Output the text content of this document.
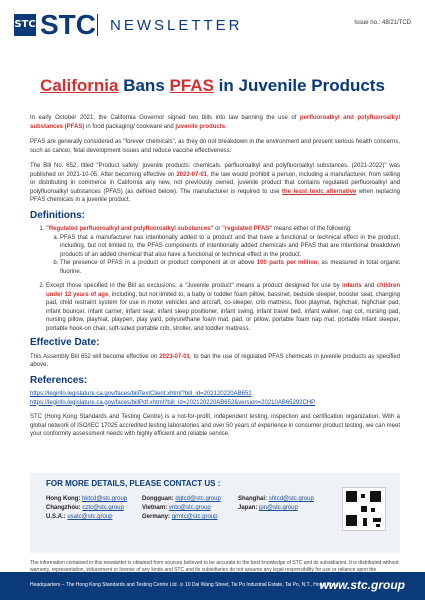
STC STC NEWSLETTER	Issue no.: 48/21/TCD
California Bans PFAS in Juvenile Products

In early October 2021, the California Governor signed two bills into law banning the use of perfluoroalkyl and polyfluoroalkyl substances (PFAS) in food packaging/ cookware and juvenile products.

PFAS are generally considered as "forever chemicals", as they do not breakdown in the environment and present serious health concerns, such as cancer, fetal development issues and reduce vaccine effectiveness.

The Bill No. 652, titled "Product safety: juvenile products: chemicals: perfluoroalkyl and polyfluoroalkyl substances. (2021-2022)" was published on 2021-10-05. After becoming effective on 2023-07-01, the law would prohibit a person, including a manufacturer, from selling or distributing in commerce in California any new, not previously owned, juvenile product that contains regulated perfluoroalkyl and polyfluoroalkyl substances (PFAS) (as defined below). The manufacturer is required to use the least toxic alternative when replacing PFAS chemicals in a juvenile product.

Definitions:
1. "Regulated perfluoroalkyl and polyfluoroalkyl substances" or "regulated PFAS" means either of the following:
a. PFAS that a manufacturer has intentionally added to a product and that have a functional or technical effect in the product, including, but not limited to, the PFAS components of intentionally added chemicals and PFAS that are intentional breakdown products of an added chemical that also have a functional or technical effect in the product.
b. The presence of PFAS in a product or product component at or above 100 parts per million, as measured in total organic fluorine.
2. Except those specified in the Bill as exclusions, a "Juvenile product" means a product designed for use by infants and children under 12 years of age, including, but not limited to, a baby or toddler foam pillow, bassinet, bedside sleeper, booster seat, changing pad, child restraint system for use in motor vehicles and aircraft, co-sleeper, crib mattress, floor playmat, highchair, highchair pad, infant bouncer, infant carrier, infant seat, infant sleep positioner, infant swing, infant travel bed, infant walker, nap cot, nursing pad, nursing pillow, playmat, playpen, play yard, polyurethane foam mat, pad, or pillow, portable foam nap mat, portable infant sleeper, portable hook-on chair, soft-sided portable crib, stroller, and toddler mattress.
Effective Date:

This Assembly Bill 652 will become effective on 2023-07-01, to ban the use of regulated PFAS chemicals in juvenile products as specified above.

References:
https://leginfo.legislature.ca.gov/faces/billTextClient.xhtml?bill_id=202120220AB652
https://leginfo.legislature.ca.gov/faces/billPdf.xhtml?bill_id=202120220AB652&version=20210AB65292CHP

STC (Hong Kong Standards and Testing Centre) is a not-for-profit, independent testing, inspection and certification organization. With a global network of ISO/IEC 17025 accredited testing laboratories and over 50 years of experience in consumer product testing, we can meet your conformity assessment needs with highly efficient and reliable service.

FOR MORE DETAILS, PLEASE CONTACT US :
Hong Kong: hktcd@stc.group	Dongguan: dgtcd@stc.group	Shanghai: shtcd@stc.group
Changzhou: cztc@stc.group	Vietnam: vntc@stc.group	Japan: jpn@stc.group
U.S.A.: usatc@stc.group	Germany: grmtc@stc.group
The information contained in this newsletter is obtained from sources believed to be accurate to the best knowledge of STC and its subsidiaries. It is distributed without warranty, representation, inducement or license of any kinds and STC and its subsidiaries do not assume any legal responsibility for use or reliance upon the
Headquarters – The Hong Kong Standards and Testing Centre Ltd. ⊙ 10 Dai Wang Street, Tai Po Industrial Estate, Tai Po, N.T., Hong Kong
www.stc.group
